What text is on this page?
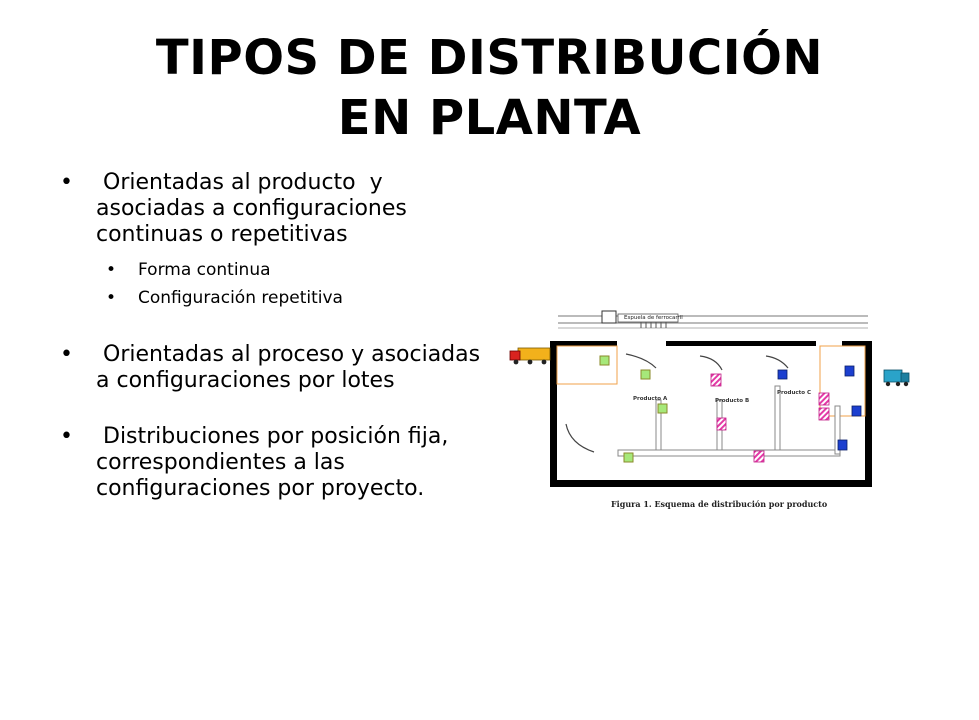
TIPOS DE DISTRIBUCIÓN
EN PLANTA
• Orientadas al producto  y asociadas a configuraciones continuas o repetitivas
• Forma continua
• Configuración repetitiva
• Orientadas al proceso y asociadas a configuraciones por lotes
• Distribuciones por posición fija, correspondientes a las configuraciones por proyecto.
Espuela de ferrocarril
Producto A	Producto B
Producto C
Figura 1. Esquema de distribución por producto
